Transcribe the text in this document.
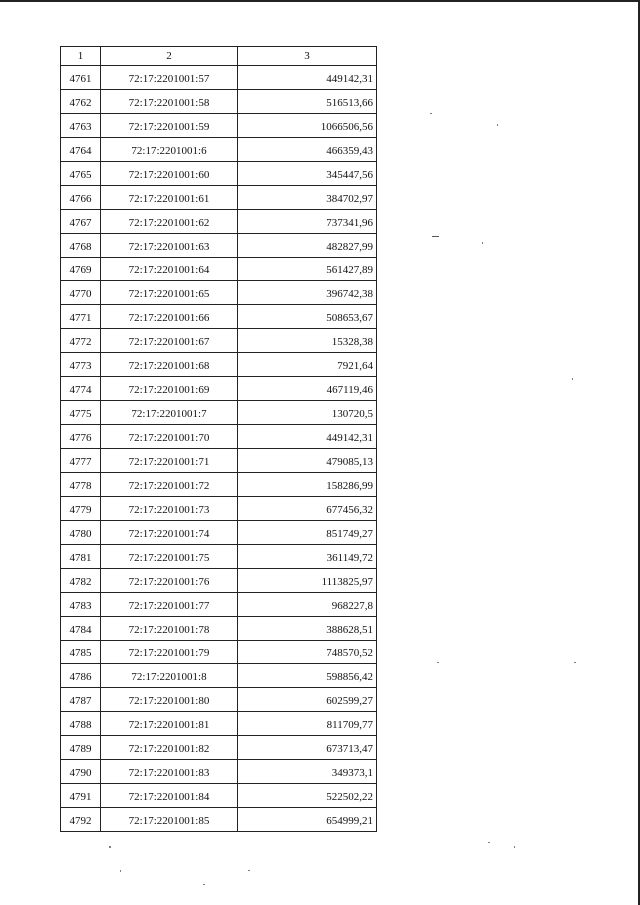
1	2	3
4761	72:17:2201001:57	449142,31
4762	72:17:2201001:58	516513,66
4763	72:17:2201001:59	1066506,56
4764	72:17:2201001:6	466359,43
4765	72:17:2201001:60	345447,56
4766	72:17:2201001:61	384702,97
4767	72:17:2201001:62	737341,96
4768	72:17:2201001:63	482827,99
4769	72:17:2201001:64	561427,89
4770	72:17:2201001:65	396742,38
4771	72:17:2201001:66	508653,67
4772	72:17:2201001:67	15328,38
4773	72:17:2201001:68	7921,64
4774	72:17:2201001:69	467119,46
4775	72:17:2201001:7	130720,5
4776	72:17:2201001:70	449142,31
4777	72:17:2201001:71	479085,13
4778	72:17:2201001:72	158286,99
4779	72:17:2201001:73	677456,32
4780	72:17:2201001:74	851749,27
4781	72:17:2201001:75	361149,72
4782	72:17:2201001:76	1113825,97
4783	72:17:2201001:77	968227,8
4784	72:17:2201001:78	388628,51
4785	72:17:2201001:79	748570,52
4786	72:17:2201001:8	598856,42
4787	72:17:2201001:80	602599,27
4788	72:17:2201001:81	811709,77
4789	72:17:2201001:82	673713,47
4790	72:17:2201001:83	349373,1
4791	72:17:2201001:84	522502,22
4792	72:17:2201001:85	654999,21
